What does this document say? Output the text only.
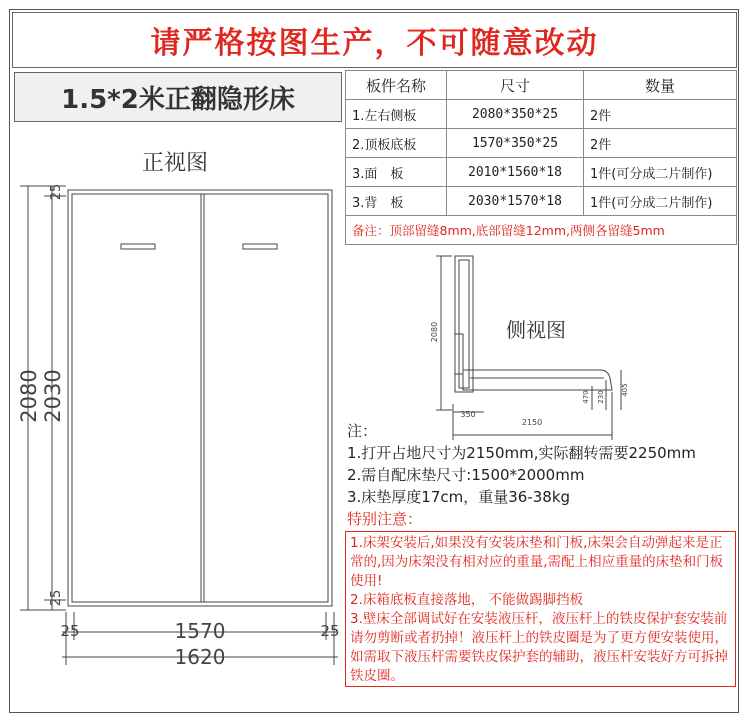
请严格按图生产，不可随意改动
1.5*2米正翻隐形床
正视图
板件名称	尺寸	数量
1.左右侧板	2080*350*25	2件
2.顶板底板	1570*350*25	2件
3.面　板	2010*1560*18	1件(可分成二片制作)
3.背　板	2030*1570*18	1件(可分成二片制作)
备注：顶部留缝8mm,底部留缝12mm,两侧各留缝5mm		
2080 2030
25
25
1570
1620
25	25
2080
350
2150
470 230
405
侧视图
注：
1.打开占地尺寸为2150mm,实际翻转需要2250mm
2.需自配床垫尺寸:1500*2000mm
3.床垫厚度17cm，重量36-38kg
特别注意：

1.床架安装后,如果没有安装床垫和门板,床架会自动弹起来是正常的,因为床架没有相对应的重量,需配上相应重量的床垫和门板使用!

2.床箱底板直接落地， 不能做踢脚挡板

3.壁床全部调试好在安装液压杆，液压杆上的铁皮保护套安装前请勿剪断或者扔掉！液压杆上的铁皮圈是为了更方便安装使用，如需取下液压杆需要铁皮保护套的辅助，液压杆安装好方可拆掉铁皮圈。
